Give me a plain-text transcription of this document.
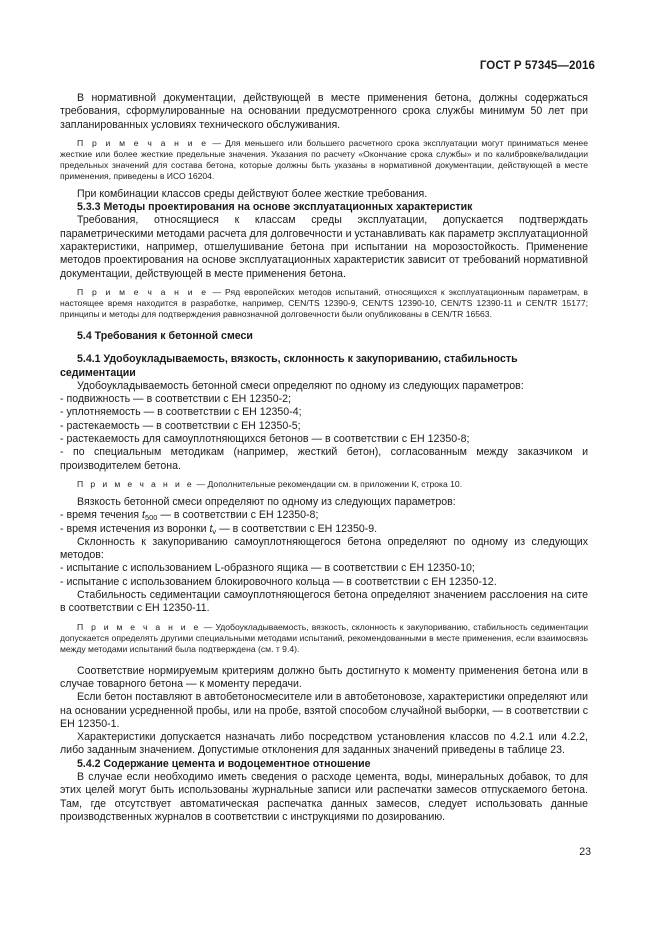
ГОСТ Р 57345—2016

В нормативной документации, действующей в месте применения бетона, должны содержаться требования, сформулированные на основании предусмотренного срока службы минимум 50 лет при запланированных условиях технического обслуживания.

П р и м е ч а н и е — Для меньшего или большего расчетного срока эксплуатации могут приниматься менее жесткие или более жесткие предельные значения. Указания по расчету «Окончание срока службы» и по калибровке/валидации предельных значений для состава бетона, которые должны быть указаны в нормативной документации, действующей в месте применения, приведены в ИСО 16204.

При комбинации классов среды действуют более жесткие требования.

5.3.3 Методы проектирования на основе эксплуатационных характеристик

Требования, относящиеся к классам среды эксплуатации, допускается подтверждать параметрическими методами расчета для долговечности и устанавливать как параметр эксплуатационной характеристики, например, отшелушивание бетона при испытании на морозостойкость. Применение методов проектирования на основе эксплуатационных характеристик зависит от требований нормативной документации, действующей в месте применения бетона.

П р и м е ч а н и е — Ряд европейских методов испытаний, относящихся к эксплуатационным параметрам, в настоящее время находится в разработке, например, CEN/TS 12390-9, CEN/TS 12390-10, CEN/TS 12390-11 и CEN/TR 15177; принципы и методы для подтверждения равнозначной долговечности были опубликованы в CEN/TR 16563.

5.4 Требования к бетонной смеси

5.4.1 Удобоукладываемость, вязкость, склонность к закупориванию, стабильность седиментации

Удобоукладываемость бетонной смеси определяют по одному из следующих параметров:

- подвижность — в соответствии с ЕН 12350-2;

- уплотняемость — в соответствии с ЕН 12350-4;

- растекаемость — в соответствии с ЕН 12350-5;

- растекаемость для самоуплотняющихся бетонов — в соответствии с ЕН 12350-8;

- по специальным методикам (например, жесткий бетон), согласованным между заказчиком и производителем бетона.

П р и м е ч а н и е — Дополнительные рекомендации см. в приложении К, строка 10.

Вязкость бетонной смеси определяют по одному из следующих параметров:

- время течения $t_{500}$ — в соответствии с ЕН 12350-8;

- время истечения из воронки $t_v$ — в соответствии с ЕН 12350-9.

Склонность к закупориванию самоуплотняющегося бетона определяют по одному из следующих методов:

- испытание с использованием L-образного ящика — в соответствии с ЕН 12350-10;

- испытание с использованием блокировочного кольца — в соответствии с ЕН 12350-12.

Стабильность седиментации самоуплотняющегося бетона определяют значением расслоения на сите в соответствии с ЕН 12350-11.

П р и м е ч а н и е — Удобоукладываемость, вязкость, склонность к закупориванию, стабильность седиментации допускается определять другими специальными методами испытаний, рекомендованными в месте применения, если взаимосвязь между методами испытаний была подтверждена (см. т 9.4).

Соответствие нормируемым критериям должно быть достигнуто к моменту применения бетона или в случае товарного бетона — к моменту передачи.

Если бетон поставляют в автобетоносмесителе или в автобетоновозе, характеристики определяют или на основании усредненной пробы, или на пробе, взятой способом случайной выборки, — в соответствии с ЕН 12350-1.

Характеристики допускается назначать либо посредством установления классов по 4.2.1 или 4.2.2, либо заданным значением. Допустимые отклонения для заданных значений приведены в таблице 23.

5.4.2 Содержание цемента и водоцементное отношение

В случае если необходимо иметь сведения о расходе цемента, воды, минеральных добавок, то для этих целей могут быть использованы журнальные записи или распечатки замесов отпускаемого бетона. Там, где отсутствует автоматическая распечатка данных замесов, следует использовать данные производственных журналов в соответствии с инструкциями по дозированию.

23
